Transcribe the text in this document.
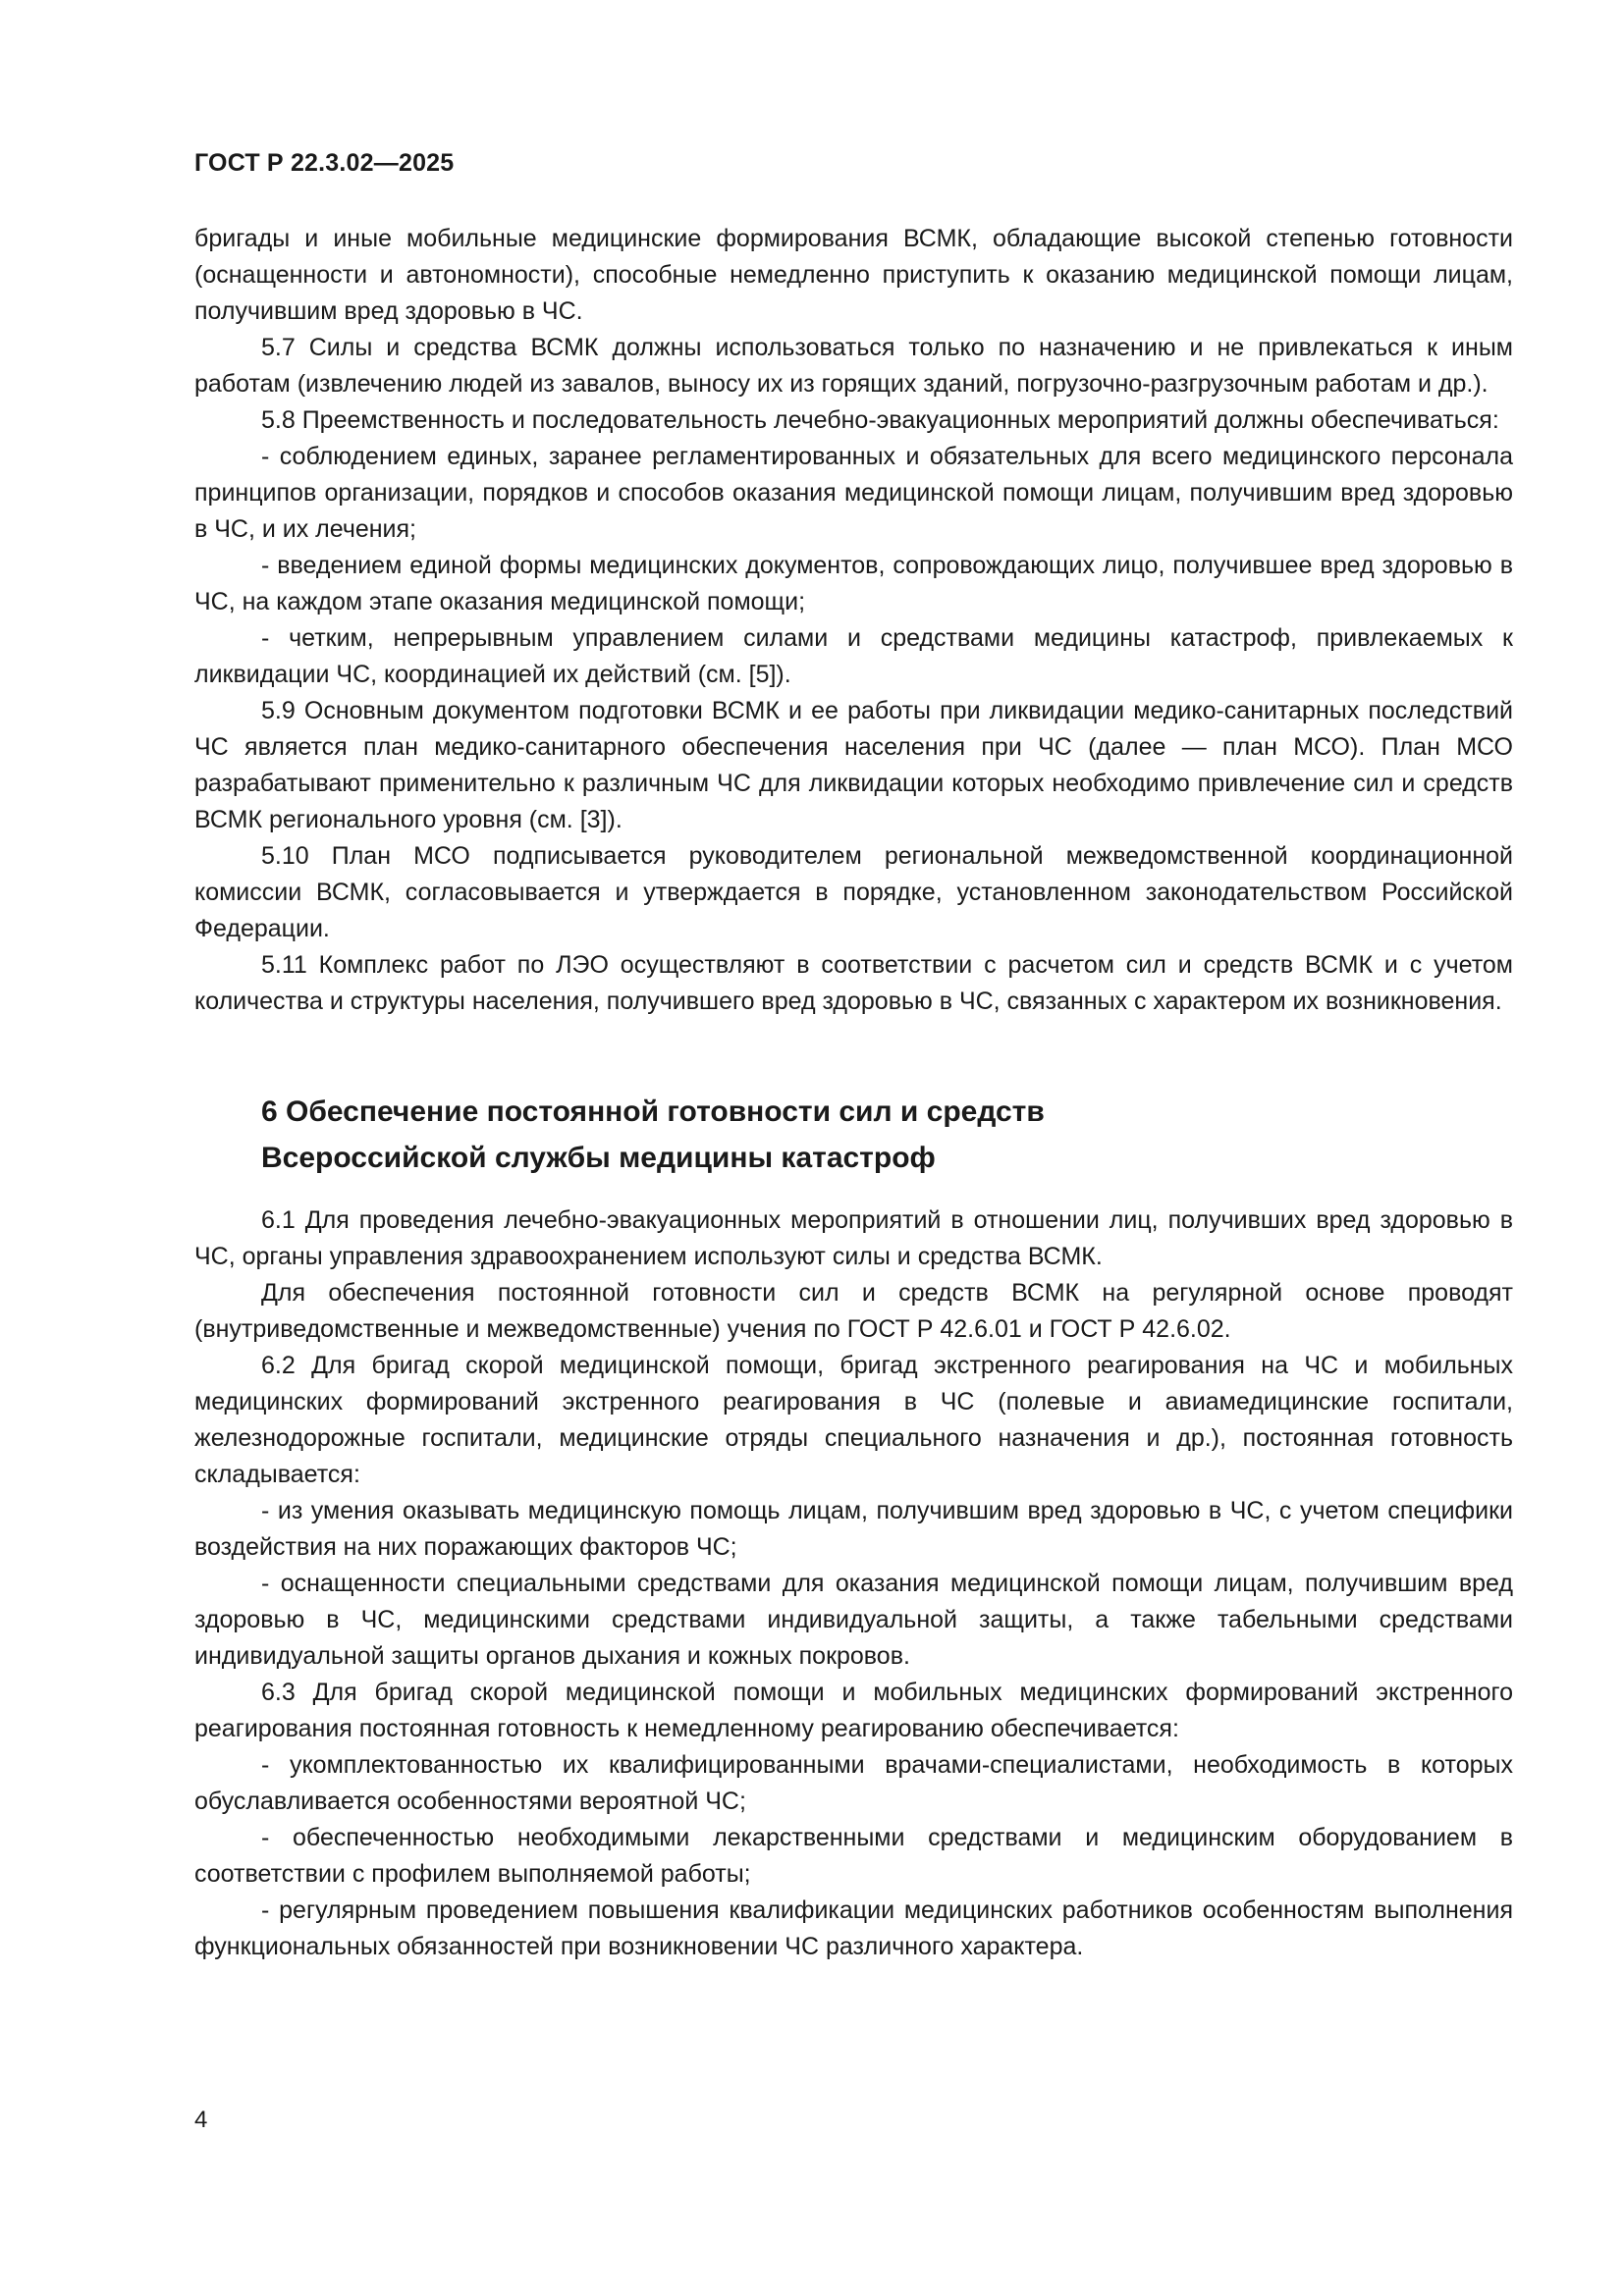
ГОСТ Р 22.3.02—2025

бригады и иные мобильные медицинские формирования ВСМК, обладающие высокой степенью готовности (оснащенности и автономности), способные немедленно приступить к оказанию медицинской помощи лицам, получившим вред здоровью в ЧС.

5.7 Силы и средства ВСМК должны использоваться только по назначению и не привлекаться к иным работам (извлечению людей из завалов, выносу их из горящих зданий, погрузочно-разгрузочным работам и др.).

5.8 Преемственность и последовательность лечебно-эвакуационных мероприятий должны обеспечиваться:

- соблюдением единых, заранее регламентированных и обязательных для всего медицинского персонала принципов организации, порядков и способов оказания медицинской помощи лицам, получившим вред здоровью в ЧС, и их лечения;

- введением единой формы медицинских документов, сопровождающих лицо, получившее вред здоровью в ЧС, на каждом этапе оказания медицинской помощи;

- четким, непрерывным управлением силами и средствами медицины катастроф, привлекаемых к ликвидации ЧС, координацией их действий (см. [5]).

5.9 Основным документом подготовки ВСМК и ее работы при ликвидации медико-санитарных последствий ЧС является план медико-санитарного обеспечения населения при ЧС (далее — план МСО). План МСО разрабатывают применительно к различным ЧС для ликвидации которых необходимо привлечение сил и средств ВСМК регионального уровня (см. [3]).

5.10 План МСО подписывается руководителем региональной межведомственной координационной комиссии ВСМК, согласовывается и утверждается в порядке, установленном законодательством Российской Федерации.

5.11 Комплекс работ по ЛЭО осуществляют в соответствии с расчетом сил и средств ВСМК и с учетом количества и структуры населения, получившего вред здоровью в ЧС, связанных с характером их возникновения.

6 Обеспечение постоянной готовности сил и средств
Всероссийской службы медицины катастроф

6.1 Для проведения лечебно-эвакуационных мероприятий в отношении лиц, получивших вред здоровью в ЧС, органы управления здравоохранением используют силы и средства ВСМК.

Для обеспечения постоянной готовности сил и средств ВСМК на регулярной основе проводят (внутриведомственные и межведомственные) учения по ГОСТ Р 42.6.01 и ГОСТ Р 42.6.02.

6.2 Для бригад скорой медицинской помощи, бригад экстренного реагирования на ЧС и мобильных медицинских формирований экстренного реагирования в ЧС (полевые и авиамедицинские госпитали, железнодорожные госпитали, медицинские отряды специального назначения и др.), постоянная готовность складывается:

- из умения оказывать медицинскую помощь лицам, получившим вред здоровью в ЧС, с учетом специфики воздействия на них поражающих факторов ЧС;

- оснащенности специальными средствами для оказания медицинской помощи лицам, получившим вред здоровью в ЧС, медицинскими средствами индивидуальной защиты, а также табельными средствами индивидуальной защиты органов дыхания и кожных покровов.

6.3 Для бригад скорой медицинской помощи и мобильных медицинских формирований экстренного реагирования постоянная готовность к немедленному реагированию обеспечивается:

- укомплектованностью их квалифицированными врачами-специалистами, необходимость в которых обуславливается особенностями вероятной ЧС;

- обеспеченностью необходимыми лекарственными средствами и медицинским оборудованием в соответствии с профилем выполняемой работы;

- регулярным проведением повышения квалификации медицинских работников особенностям выполнения функциональных обязанностей при возникновении ЧС различного характера.

4
